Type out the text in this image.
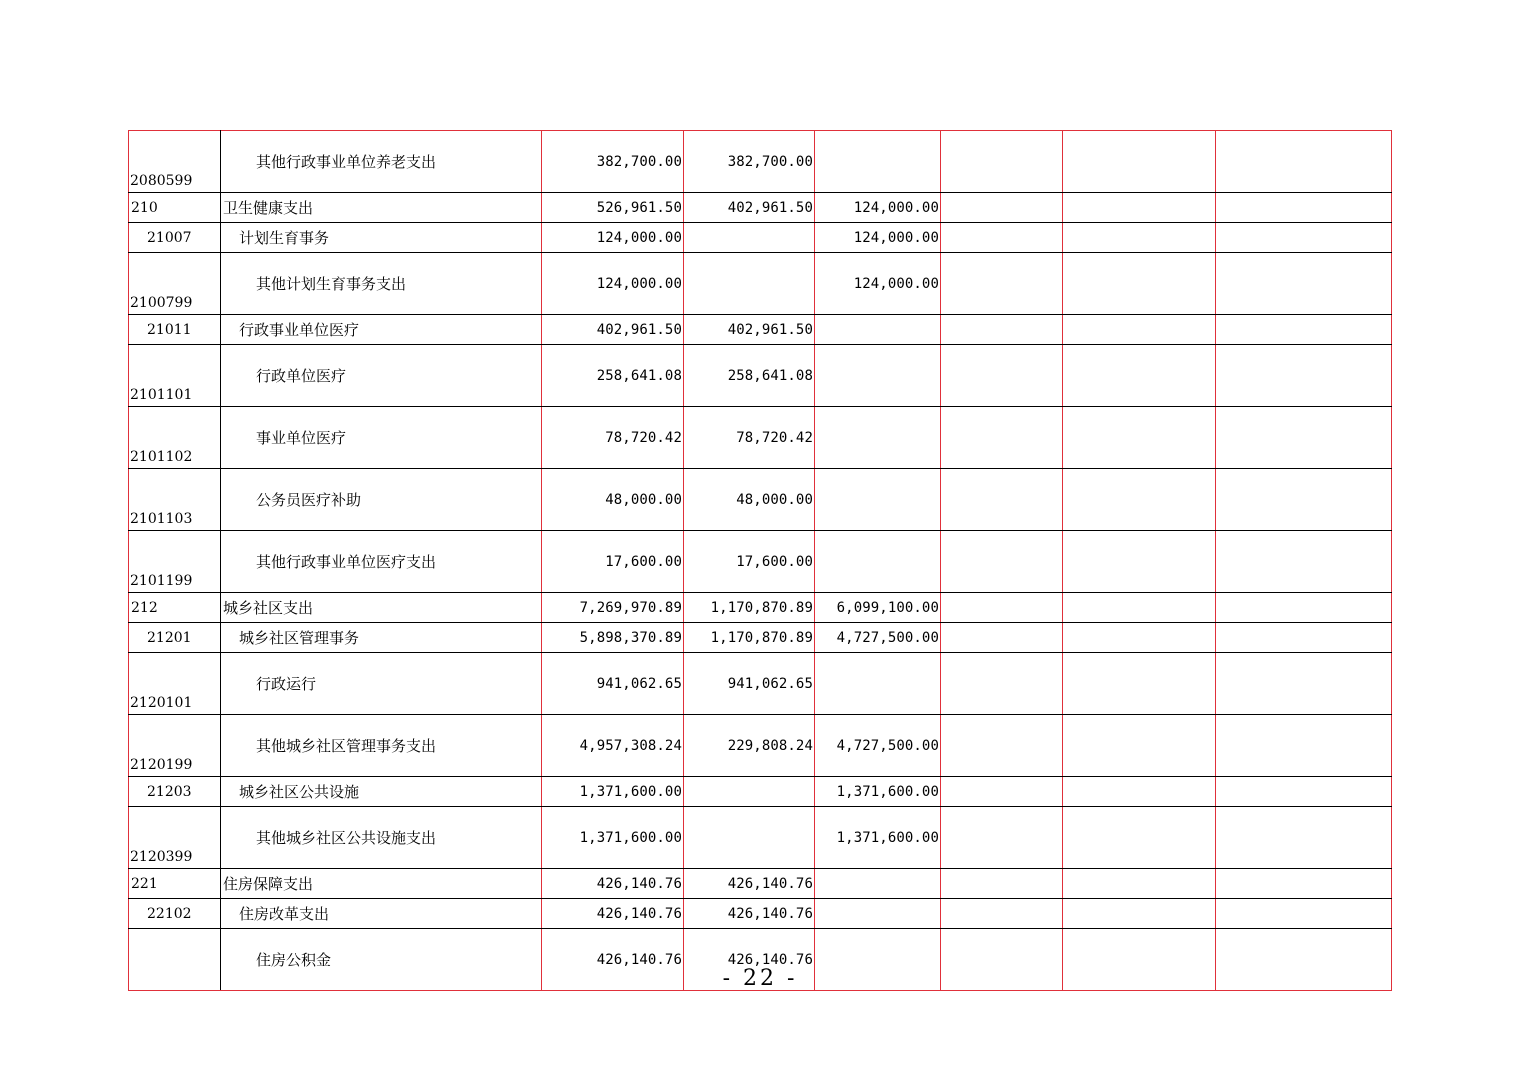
2080599	其他行政事业单位养老支出	382,700.00	382,700.00				
210	卫生健康支出	526,961.50	402,961.50	124,000.00			
21007	计划生育事务	124,000.00		124,000.00			
2100799	其他计划生育事务支出	124,000.00		124,000.00			
21011	行政事业单位医疗	402,961.50	402,961.50				
2101101	行政单位医疗	258,641.08	258,641.08				
2101102	事业单位医疗	78,720.42	78,720.42				
2101103	公务员医疗补助	48,000.00	48,000.00				
2101199	其他行政事业单位医疗支出	17,600.00	17,600.00				
212	城乡社区支出	7,269,970.89	1,170,870.89	6,099,100.00			
21201	城乡社区管理事务	5,898,370.89	1,170,870.89	4,727,500.00			
2120101	行政运行	941,062.65	941,062.65				
2120199	其他城乡社区管理事务支出	4,957,308.24	229,808.24	4,727,500.00			
21203	城乡社区公共设施	1,371,600.00		1,371,600.00			
2120399	其他城乡社区公共设施支出	1,371,600.00		1,371,600.00			
221	住房保障支出	426,140.76	426,140.76				
22102	住房改革支出	426,140.76	426,140.76				
	住房公积金	426,140.76	426,140.76				
- 22 -
